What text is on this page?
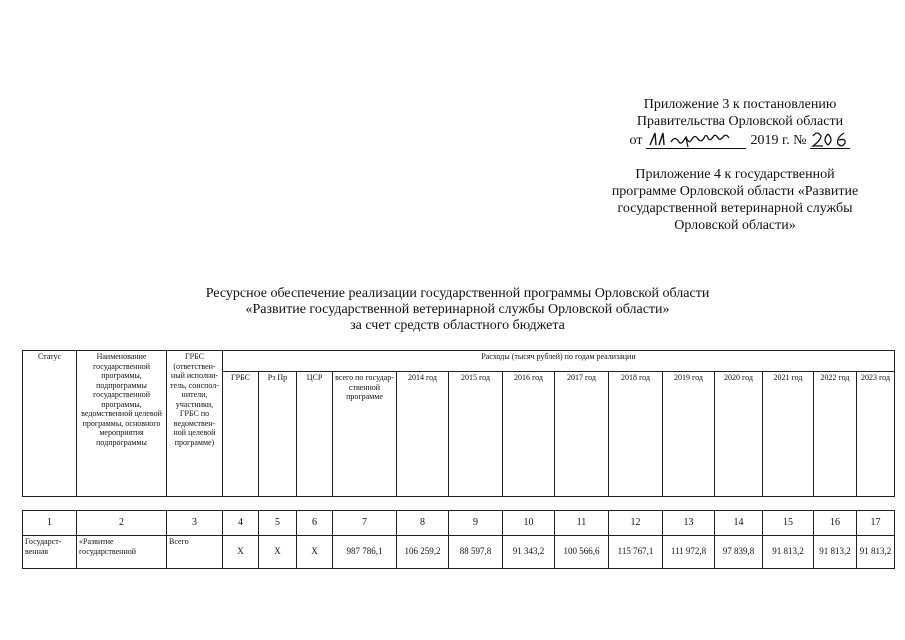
Приложение 3 к постановлению
Правительства Орловской области
от	2019 г. №
Приложение 4 к государственной
программе Орловской области «Развитие
государственной ветеринарной службы
Орловской области»
Ресурсное обеспечение реализации государственной программы Орловской области
«Развитие государственной ветеринарной службы Орловской области»
за счет средств областного бюджета
Статус	Наименование государственной программы, подпрограммы государственной программы, ведомственной целевой программы, основного мероприятия подпрограммы	ГРБС (ответствен-ный исполни-тель, соиспол-нители, участники, ГРБС по ведомствен-ной целевой программе)	Расходы (тысяч рублей) по годам реализации													
			ГРБС	Рз Пр	ЦСР	всего по государ-ственной программе	2014 год	2015 год	2016 год	2017 год	2018 год	2019 год	2020 год	2021 год	2022 год	2023 год
1	2	3	4	5	6	7	8	9	10	11	12	13	14	15	16	17
Государст-венная	«Развитие государственной	Всего	X	X	X	987 786,1	106 259,2	88 597,8	91 343,2	100 566,6	115 767,1	111 972,8	97 839,8	91 813,2	91 813,2	91 813,2
